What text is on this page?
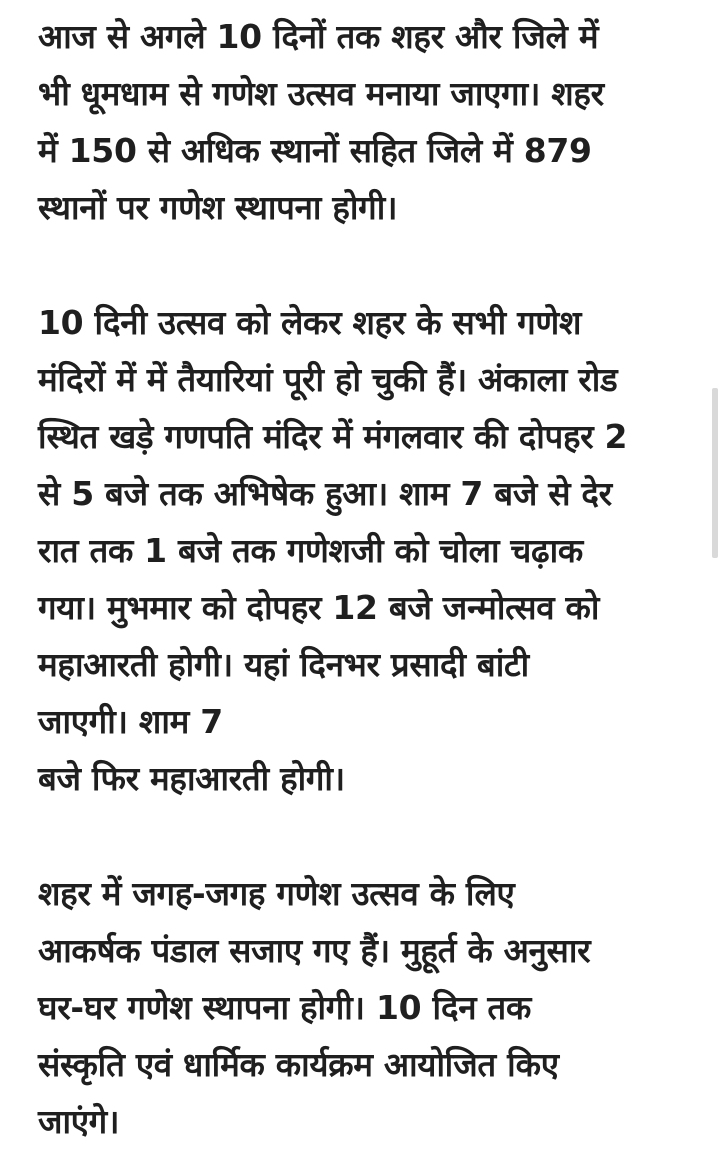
आज से अगले 10 दिनों तक शहर और जिले में
भी धूमधाम से गणेश उत्सव मनाया जाएगा। शहर
में 150 से अधिक स्थानों सहित जिले में 879
स्थानों पर गणेश स्थापना होगी।

10 दिनी उत्सव को लेकर शहर के सभी गणेश
मंदिरों में में तैयारियां पूरी हो चुकी हैं। अंकाला रोड
स्थित खड़े गणपति मंदिर में मंगलवार की दोपहर 2
से 5 बजे तक अभिषेक हुआ। शाम 7 बजे से देर
रात तक 1 बजे तक गणेशजी को चोला चढ़ाक
गया। मुभमार को दोपहर 12 बजे जन्मोत्सव को
महाआरती होगी। यहां दिनभर प्रसादी बांटी
जाएगी। शाम 7
बजे फिर महाआरती होगी।

शहर में जगह-जगह गणेश उत्सव के लिए
आकर्षक पंडाल सजाए गए हैं। मुहूर्त के अनुसार
घर-घर गणेश स्थापना होगी। 10 दिन तक
संस्कृति एवं धार्मिक कार्यक्रम आयोजित किए
जाएंगे।
